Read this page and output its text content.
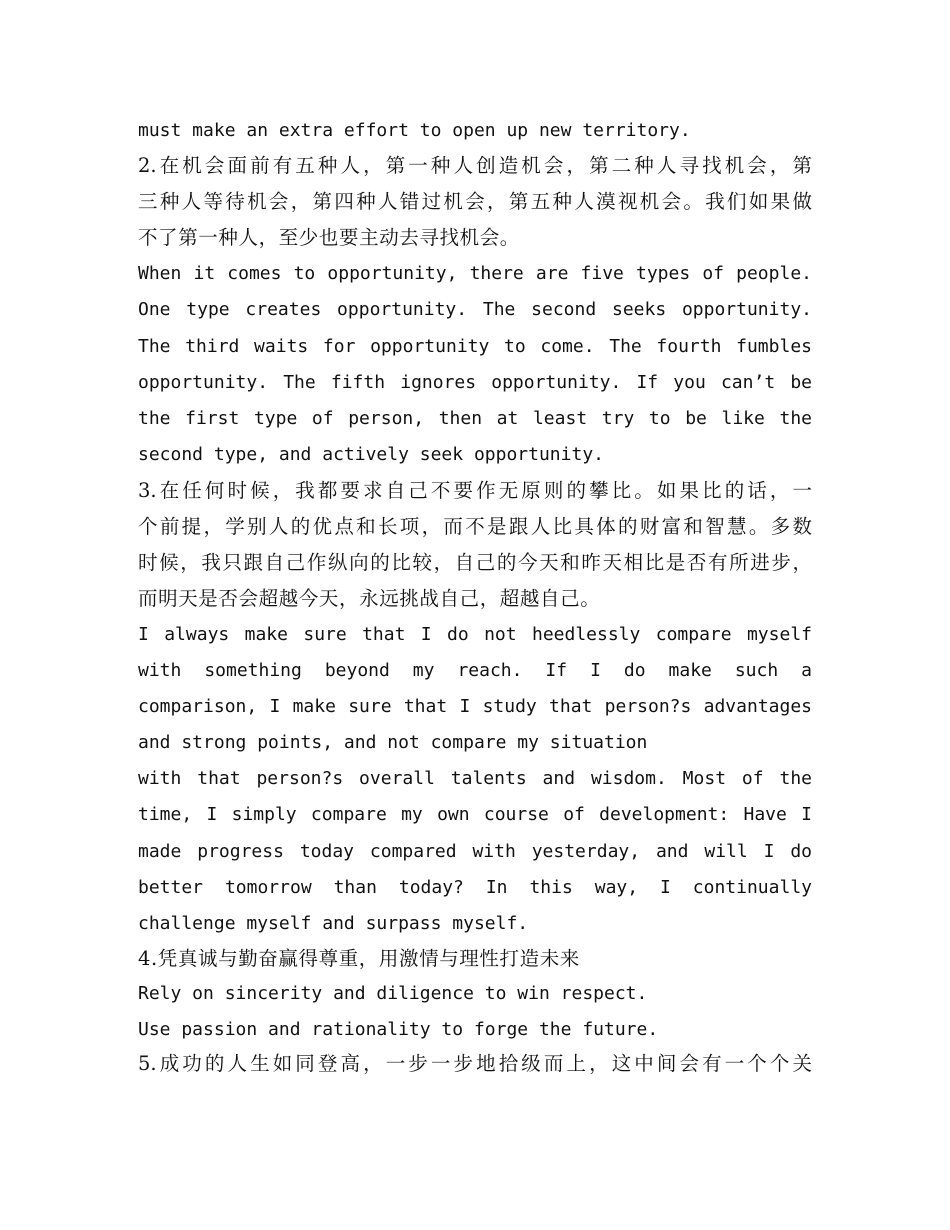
must make an extra effort to open up new territory.
2.在机会面前有五种人，第一种人创造机会，第二种人寻找机会，第
三种人等待机会，第四种人错过机会，第五种人漠视机会。我们如果做
不了第一种人，至少也要主动去寻找机会。
When it comes to opportunity, there are five types of people.
One type creates opportunity. The second seeks opportunity.
The third waits for opportunity to come. The fourth fumbles
opportunity. The fifth ignores opportunity. If you can’t be
the first type of person, then at least try to be like the
second type, and actively seek opportunity.
3.在任何时候，我都要求自己不要作无原则的攀比。如果比的话，一
个前提，学别人的优点和长项，而不是跟人比具体的财富和智慧。多数
时候，我只跟自己作纵向的比较，自己的今天和昨天相比是否有所进步，
而明天是否会超越今天，永远挑战自己，超越自己。
I always make sure that I do not heedlessly compare myself
with something beyond my reach. If I do make such a
comparison, I make sure that I study that person?s advantages
and strong points, and not compare my situation
with that person?s overall talents and wisdom. Most of the
time, I simply compare my own course of development: Have I
made progress today compared with yesterday, and will I do
better tomorrow than today? In this way, I continually
challenge myself and surpass myself.
4.凭真诚与勤奋赢得尊重，用激情与理性打造未来
Rely on sincerity and diligence to win respect.
Use passion and rationality to forge the future.
5.成功的人生如同登高，一步一步地拾级而上，这中间会有一个个关
